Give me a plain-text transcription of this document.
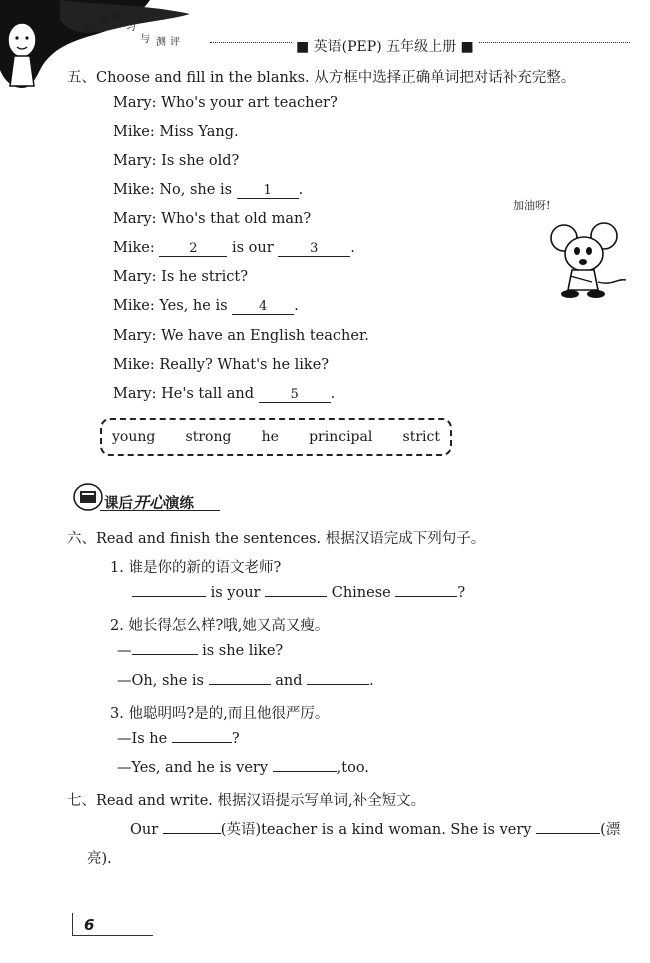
同
步 练
习
与 测 评	■ 英语(PEP) 五年级上册 ■
五、Choose and fill in the blanks. 从方框中选择正确单词把对话补充完整。
Mary: Who's your art teacher?
Mike: Miss Yang.
Mary: Is she old?
Mike: No, she is 1 .
Mary: Who's that old man?
Mike:	2 is our	3 .
Mary: Is he strict?
Mike: Yes, he is 4 .
Mary: We have an English teacher.
Mike: Really? What's he like?
Mary: He's tall and	5 .
young strong he principal strict
加油呀!
课后开心演练
六、Read and finish the sentences. 根据汉语完成下列句子。
1. 谁是你的新的语文老师?
is your	Chinese	?
2. 她长得怎么样?哦,她又高又瘦。
—	is she like?
—Oh, she is	and	.
3. 他聪明吗?是的,而且他很严厉。
—Is he	?
—Yes, and he is very	,too.
七、Read and write. 根据汉语提示写单词,补全短文。
Our	(英语)teacher is a kind woman. She is very	(漂
亮).
6
